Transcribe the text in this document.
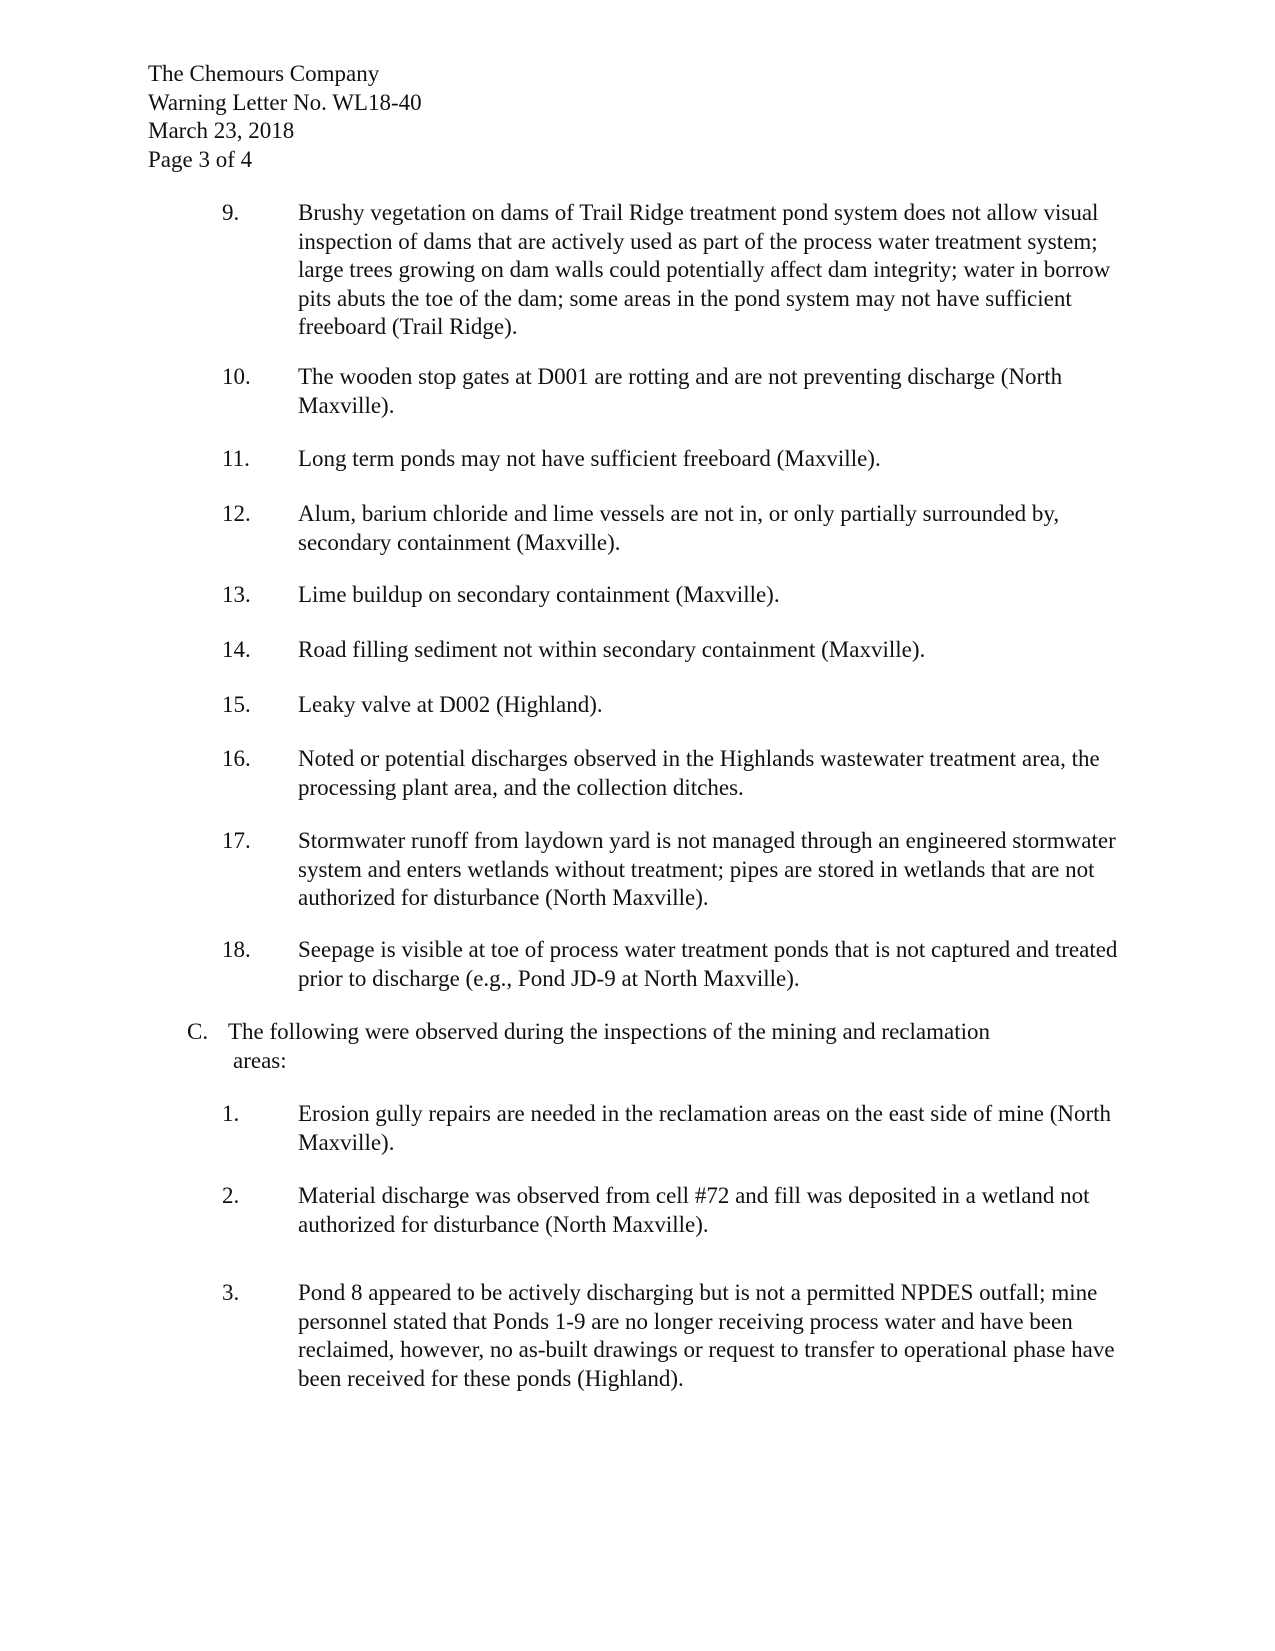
The Chemours Company
Warning Letter No. WL18-40
March 23, 2018
Page 3 of 4
9.	Brushy vegetation on dams of Trail Ridge treatment pond system does not allow visual inspection of dams that are actively used as part of the process water treatment system; large trees growing on dam walls could potentially affect dam integrity; water in borrow pits abuts the toe of the dam; some areas in the pond system may not have sufficient freeboard (Trail Ridge).
10. The wooden stop gates at D001 are rotting and are not preventing discharge (North Maxville).
11. Long term ponds may not have sufficient freeboard (Maxville).
12. Alum, barium chloride and lime vessels are not in, or only partially surrounded by, secondary containment (Maxville).
13. Lime buildup on secondary containment (Maxville).
14. Road filling sediment not within secondary containment (Maxville).
15. Leaky valve at D002 (Highland).
16. Noted or potential discharges observed in the Highlands wastewater treatment area, the processing plant area, and the collection ditches.
17. Stormwater runoff from laydown yard is not managed through an engineered stormwater system and enters wetlands without treatment; pipes are stored in wetlands that are not authorized for disturbance (North Maxville).
18. Seepage is visible at toe of process water treatment ponds that is not captured and treated prior to discharge (e.g., Pond JD-9 at North Maxville).
C. The following were observed during the inspections of the mining and reclamation
areas:
1.	Erosion gully repairs are needed in the reclamation areas on the east side of mine (North Maxville).
2.	Material discharge was observed from cell #72 and fill was deposited in a wetland not authorized for disturbance (North Maxville).
3.	Pond 8 appeared to be actively discharging but is not a permitted NPDES outfall; mine personnel stated that Ponds 1-9 are no longer receiving process water and have been reclaimed, however, no as-built drawings or request to transfer to operational phase have been received for these ponds (Highland).
